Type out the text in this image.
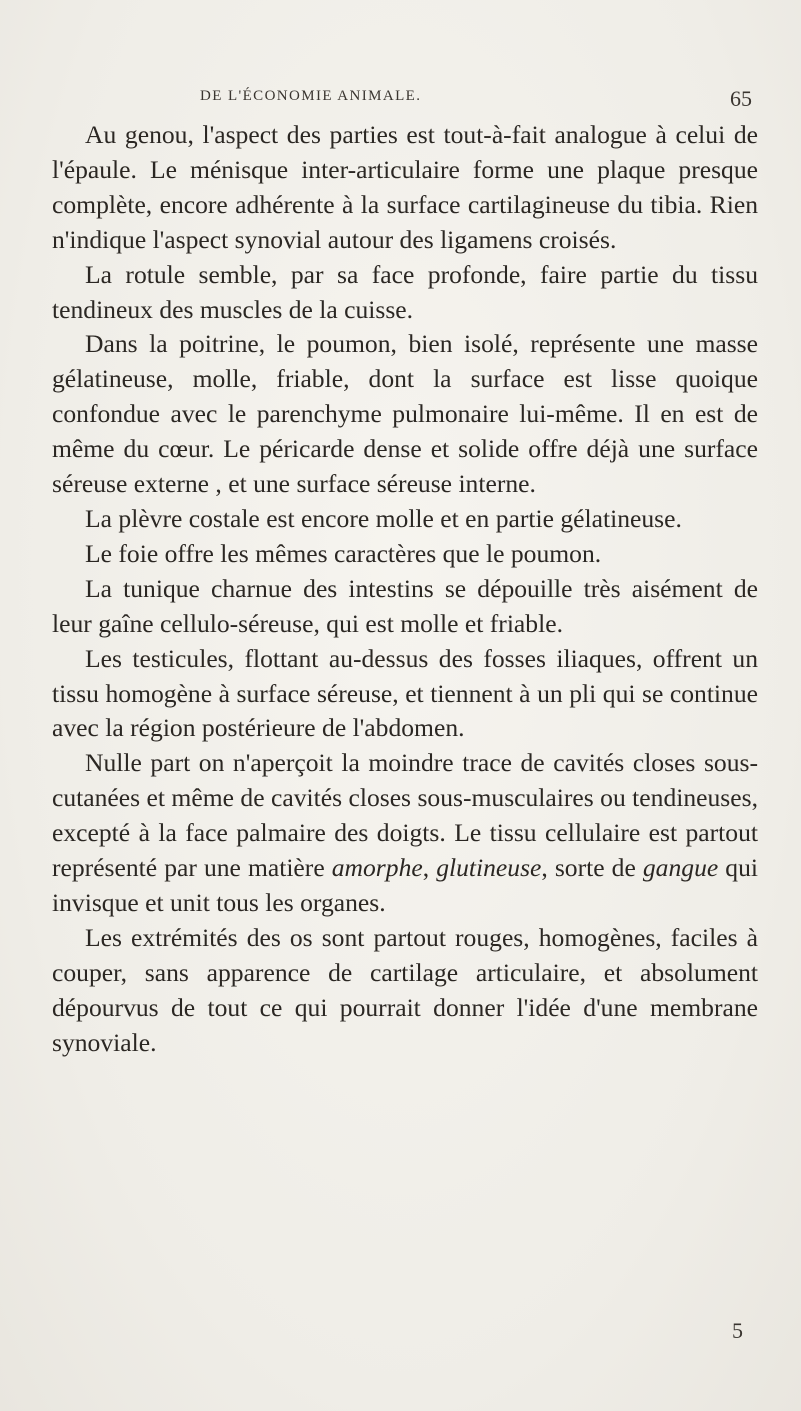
DE L'ÉCONOMIE ANIMALE.	65

Au genou, l'aspect des parties est tout-à-fait analogue à celui de l'épaule. Le ménisque inter-articulaire forme une plaque presque complète, encore adhérente à la surface cartilagineuse du tibia. Rien n'indique l'aspect synovial autour des ligamens croisés.

La rotule semble, par sa face profonde, faire partie du tissu tendineux des muscles de la cuisse.

Dans la poitrine, le poumon, bien isolé, représente une masse gélatineuse, molle, friable, dont la surface est lisse quoique confondue avec le parenchyme pulmonaire lui-même. Il en est de même du cœur. Le péricarde dense et solide offre déjà une surface séreuse externe , et une surface séreuse interne.

La plèvre costale est encore molle et en partie gélatineuse.

Le foie offre les mêmes caractères que le poumon.

La tunique charnue des intestins se dépouille très aisément de leur gaîne cellulo-séreuse, qui est molle et friable.

Les testicules, flottant au-dessus des fosses iliaques, offrent un tissu homogène à surface séreuse, et tiennent à un pli qui se continue avec la région postérieure de l'abdomen.

Nulle part on n'aperçoit la moindre trace de cavités closes sous-cutanées et même de cavités closes sous-musculaires ou tendineuses, excepté à la face palmaire des doigts. Le tissu cellulaire est partout représenté par une matière amorphe, glutineuse, sorte de gangue qui invisque et unit tous les organes.

Les extrémités des os sont partout rouges, homogènes, faciles à couper, sans apparence de cartilage articulaire, et absolument dépourvus de tout ce qui pourrait donner l'idée d'une membrane synoviale.

5
